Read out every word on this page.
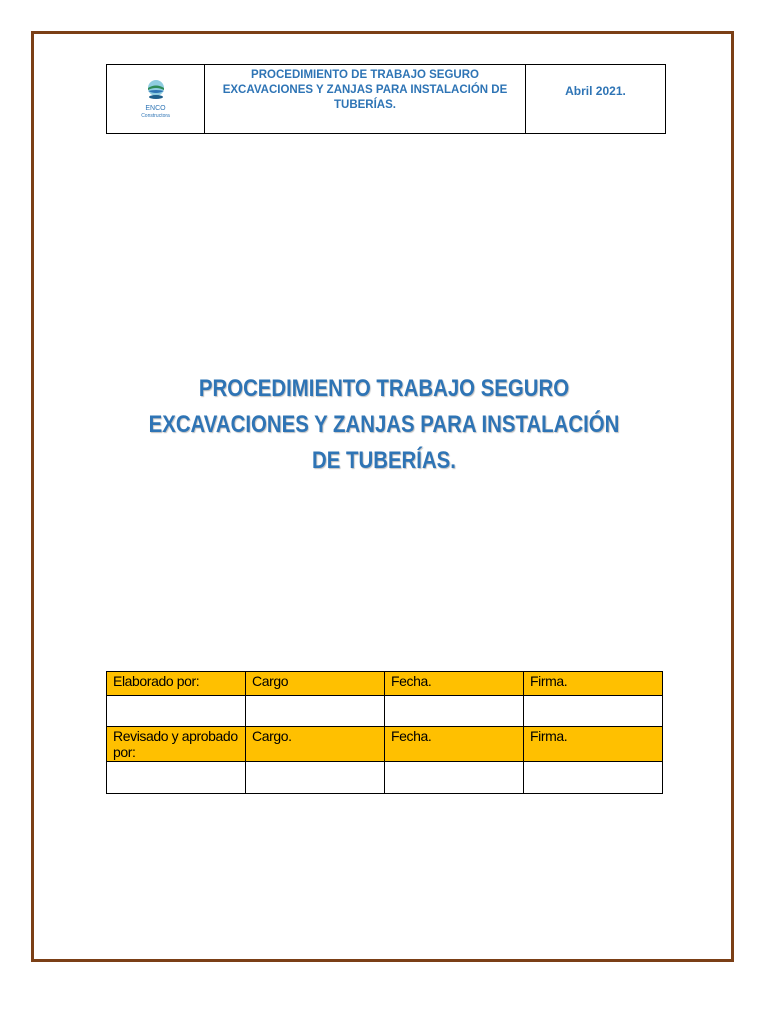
ENCO
Constructora

PROCEDIMIENTO DE TRABAJO SEGURO EXCAVACIONES Y ZANJAS PARA INSTALACIÓN DE TUBERÍAS.

Abril 2021.
PROCEDIMIENTO TRABAJO SEGURO
EXCAVACIONES Y ZANJAS PARA INSTALACIÓN
DE TUBERÍAS.
Elaborado por:	Cargo	Fecha.	Firma.

Revisado y aprobado por:	Cargo.	Fecha.	Firma.
